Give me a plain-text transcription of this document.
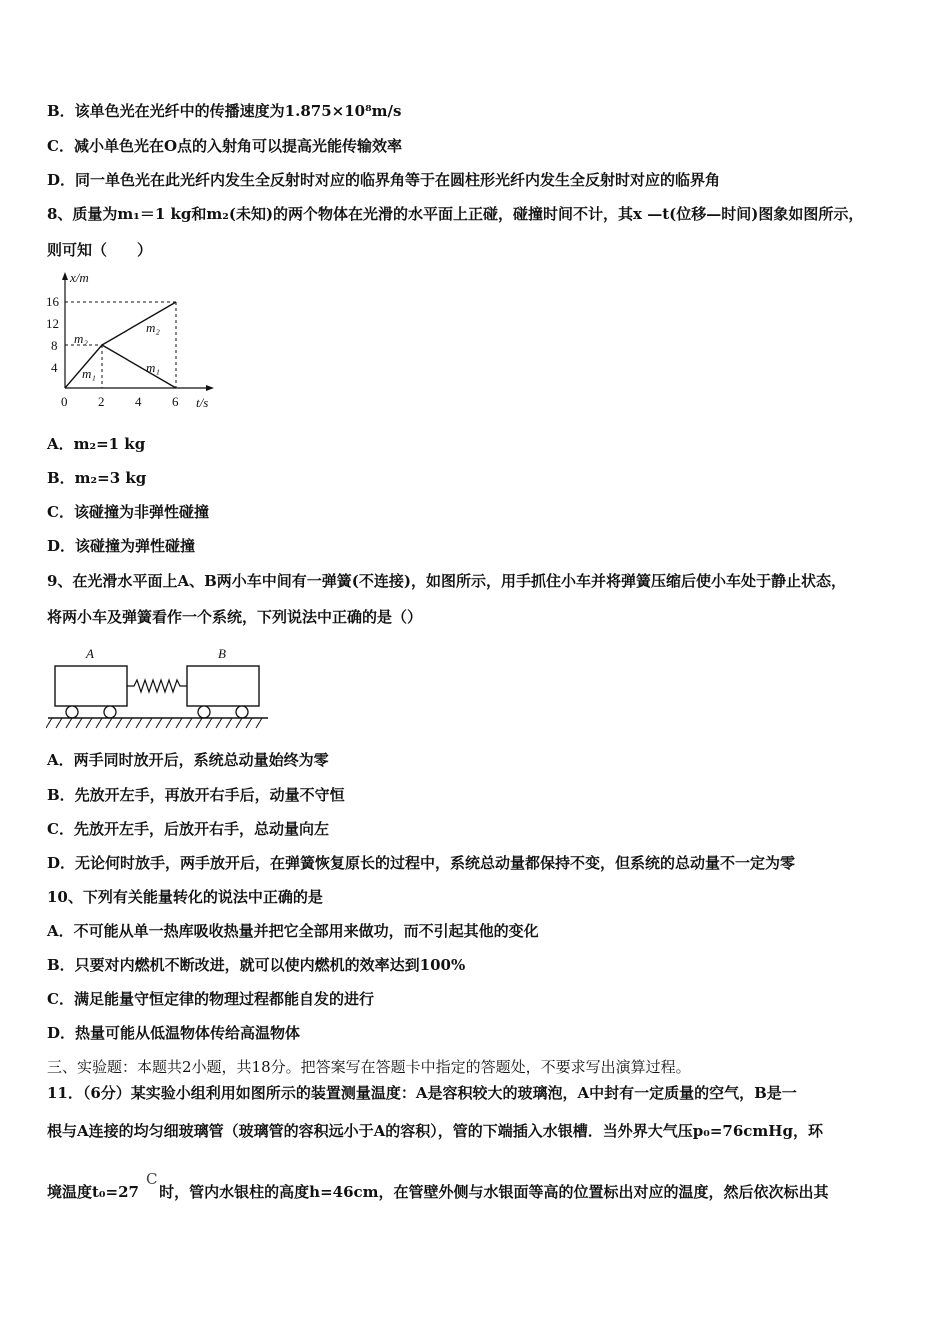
B．该单色光在光纤中的传播速度为1.875×10⁸m/s
C．减小单色光在O点的入射角可以提高光能传输效率
D．同一单色光在此光纤内发生全反射时对应的临界角等于在圆柱形光纤内发生全反射时对应的临界角
8、质量为m₁＝1 kg和m₂(未知)的两个物体在光滑的水平面上正碰，碰撞时间不计，其x —t(位移—时间)图象如图所示，
则可知（　　）
x/m
t/s
16
12
8
4
0 2 4 6
m₂
m₁
m₂
m₁
A．m₂=1 kg
B．m₂=3 kg
C．该碰撞为非弹性碰撞
D．该碰撞为弹性碰撞
9、在光滑水平面上A、B两小车中间有一弹簧(不连接)，如图所示，用手抓住小车并将弹簧压缩后使小车处于静止状态，
将两小车及弹簧看作一个系统，下列说法中正确的是（）
A	B
A．两手同时放开后，系统总动量始终为零
B．先放开左手，再放开右手后，动量不守恒
C．先放开左手，后放开右手，总动量向左
D．无论何时放手，两手放开后，在弹簧恢复原长的过程中，系统总动量都保持不变，但系统的总动量不一定为零
10、下列有关能量转化的说法中正确的是
A．不可能从单一热库吸收热量并把它全部用来做功，而不引起其他的变化
B．只要对内燃机不断改进，就可以使内燃机的效率达到100%
C．满足能量守恒定律的物理过程都能自发的进行
D．热量可能从低温物体传给高温物体
三、实验题：本题共2小题，共18分。把答案写在答题卡中指定的答题处，不要求写出演算过程。
11．（6分）某实验小组利用如图所示的装置测量温度：A是容积较大的玻璃泡，A中封有一定质量的空气，B是一
根与A连接的均匀细玻璃管（玻璃管的容积远小于A的容积），管的下端插入水银槽．当外界大气压p₀=76cmHg，环
境温度t₀=27 　时，管内水银柱的高度h=46cm，在管壁外侧与水银面等高的位置标出对应的温度，然后依次标出其
C
